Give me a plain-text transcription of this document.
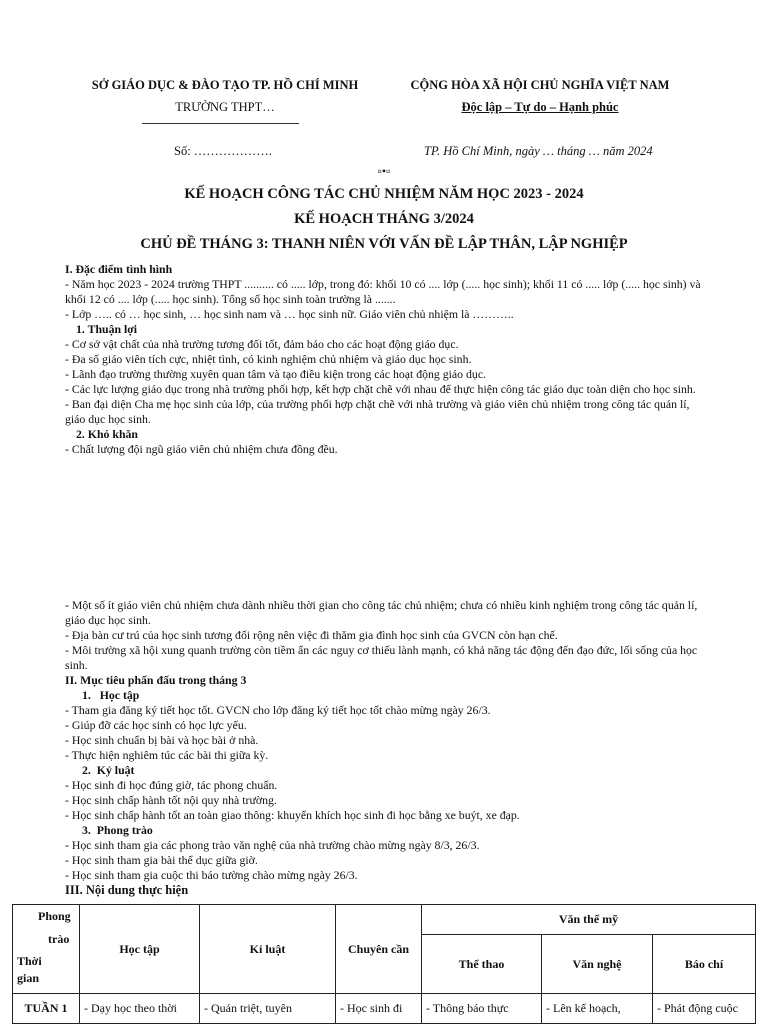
SỞ GIÁO DỤC & ĐÀO TẠO TP. HỒ CHÍ MINH
TRƯỜNG THPT…
CỘNG HÒA XÃ HỘI CHỦ NGHĨA VIỆT NAM
Độc lập – Tự do – Hạnh phúc
Số: ……………….	TP. Hồ Chí Minh, ngày … tháng … năm 2024
▫•▫
KẾ HOẠCH CÔNG TÁC CHỦ NHIỆM NĂM HỌC 2023 - 2024
KẾ HOẠCH THÁNG 3/2024
CHỦ ĐỀ THÁNG 3: THANH NIÊN VỚI VẤN ĐỀ LẬP THÂN, LẬP NGHIỆP

I. Đặc điểm tình hình

- Năm học 2023 - 2024 trường THPT .......... có ..... lớp, trong đó: khối 10 có .... lớp (..... học sinh); khối 11 có ..... lớp (..... học sinh) và khối 12 có .... lớp (..... học sinh). Tổng số học sinh toàn trường là .......

- Lớp ….. có … học sinh, … học sinh nam và … học sinh nữ. Giáo viên chủ nhiệm là ………..

1. Thuận lợi

- Cơ sở vật chất của nhà trường tương đối tốt, đảm bảo cho các hoạt động giáo dục.

- Đa số giáo viên tích cực, nhiệt tình, có kinh nghiệm chủ nhiệm và giáo dục học sinh.

- Lãnh đạo trường thường xuyên quan tâm và tạo điều kiện trong các hoạt động giáo dục.

- Các lực lượng giáo dục trong nhà trường phối hợp, kết hợp chặt chẽ với nhau để thực hiện công tác giáo dục toàn diện cho học sinh.

- Ban đại diện Cha mẹ học sinh của lớp, của trường phối hợp chặt chẽ với nhà trường và giáo viên chủ nhiệm trong công tác quản lí, giáo dục học sinh.

2. Khó khăn

- Chất lượng đội ngũ giáo viên chủ nhiệm chưa đồng đều.

- Một số ít giáo viên chủ nhiệm chưa dành nhiều thời gian cho công tác chủ nhiệm; chưa có nhiều kinh nghiệm trong công tác quản lí, giáo dục học sinh.

- Địa bàn cư trú của học sinh tương đối rộng nên việc đi thăm gia đình học sinh của GVCN còn hạn chế.

- Môi trường xã hội xung quanh trường còn tiềm ẩn các nguy cơ thiếu lành mạnh, có khả năng tác động đến đạo đức, lối sống của học sinh.

II. Mục tiêu phấn đấu trong tháng 3

1. Học tập

- Tham gia đăng ký tiết học tốt. GVCN cho lớp đăng ký tiết học tốt chào mừng ngày 26/3.

- Giúp đỡ các học sinh có học lực yếu.

- Học sinh chuẩn bị bài và học bài ở nhà.

- Thực hiện nghiêm túc các bài thi giữa kỳ.

2. Kỷ luật

- Học sinh đi học đúng giờ, tác phong chuẩn.

- Học sinh chấp hành tốt nội quy nhà trường.

- Học sinh chấp hành tốt an toàn giao thông: khuyến khích học sinh đi học bằng xe buýt, xe đạp.

3. Phong trào

- Học sinh tham gia các phong trào văn nghệ của nhà trường chào mừng ngày 8/3, 26/3.

- Học sinh tham gia bài thể dục giữa giờ.

- Học sinh tham gia cuộc thi báo tường chào mừng ngày 26/3.

III. Nội dung thực hiện

Phong
trào
Thời gian	Học tập	Kỉ luật	Chuyên cần	Văn thể mỹ		
				Thể thao	Văn nghệ	Báo chí
TUẦN 1	- Dạy học theo thời	- Quán triệt, tuyên	- Học sinh đi	- Thông báo thực	- Lên kế hoạch,	- Phát động cuộc
